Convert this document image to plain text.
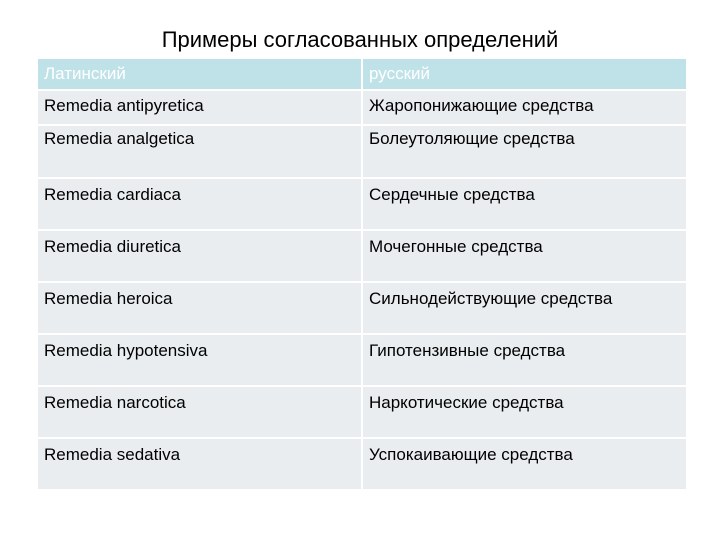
Примеры согласованных определений
Латинский	русский
Remedia antipyretica	Жаропонижающие средства
Remedia analgetica	Болеутоляющие средства
Remedia cardiaca	Сердечные средства
Remedia diuretica	Мочегонные средства
Remedia heroica	Сильнодействующие средства
Remedia hypotensiva	Гипотензивные средства
Remedia narcotica	Наркотические средства
Remedia sedativa	Успокаивающие средства
